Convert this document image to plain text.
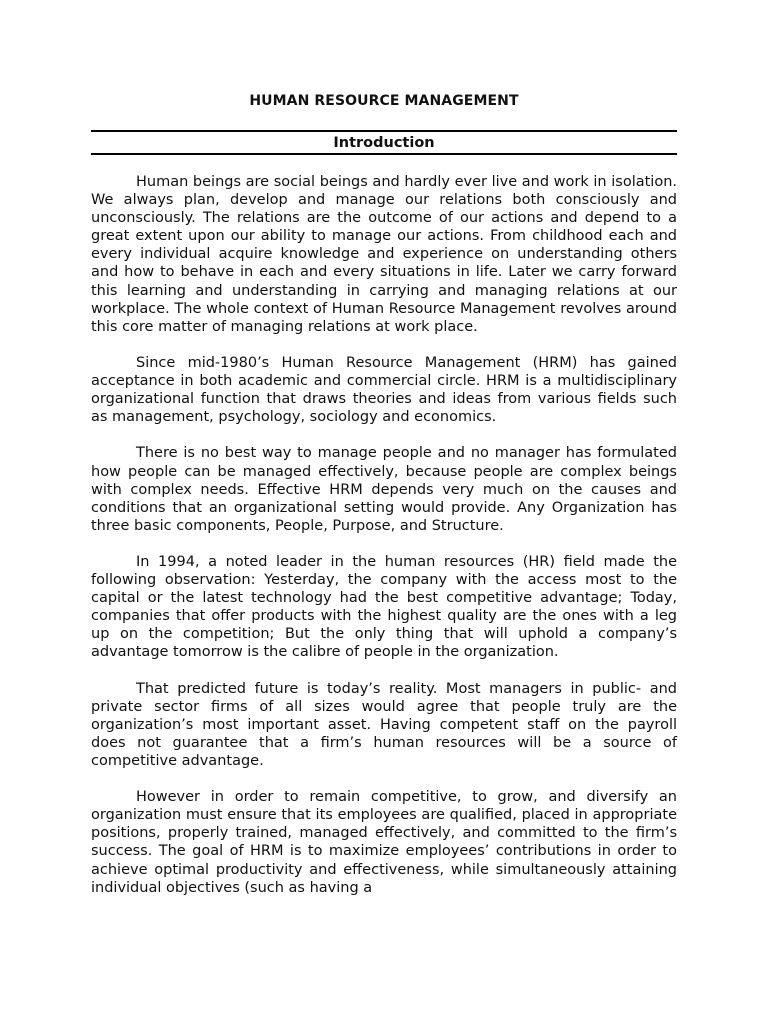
HUMAN RESOURCE MANAGEMENT
Introduction

Human beings are social beings and hardly ever live and work in isolation. We always plan, develop and manage our relations both consciously and unconsciously. The relations are the outcome of our actions and depend to a great extent upon our ability to manage our actions. From childhood each and every individual acquire knowledge and experience on understanding others and how to behave in each and every situations in life. Later we carry forward this learning and understanding in carrying and managing relations at our workplace. The whole context of Human Resource Management revolves around this core matter of managing relations at work place.

Since mid-1980’s Human Resource Management (HRM) has gained acceptance in both academic and commercial circle. HRM is a multidisciplinary organizational function that draws theories and ideas from various fields such as management, psychology, sociology and economics.

There is no best way to manage people and no manager has formulated how people can be managed effectively, because people are complex beings with complex needs. Effective HRM depends very much on the causes and conditions that an organizational setting would provide. Any Organization has three basic components, People, Purpose, and Structure.

In 1994, a noted leader in the human resources (HR) field made the following observation: Yesterday, the company with the access most to the capital or the latest technology had the best competitive advantage; Today, companies that offer products with the highest quality are the ones with a leg up on the competition; But the only thing that will uphold a company’s advantage tomorrow is the calibre of people in the organization.

That predicted future is today’s reality. Most managers in public- and private sector firms of all sizes would agree that people truly are the organization’s most important asset. Having competent staff on the payroll does not guarantee that a firm’s human resources will be a source of competitive advantage.

However in order to remain competitive, to grow, and diversify an organization must ensure that its employees are qualified, placed in appropriate positions, properly trained, managed effectively, and committed to the firm’s success. The goal of HRM is to maximize employees’ contributions in order to achieve optimal productivity and effectiveness, while simultaneously attaining individual objectives (such as having a
